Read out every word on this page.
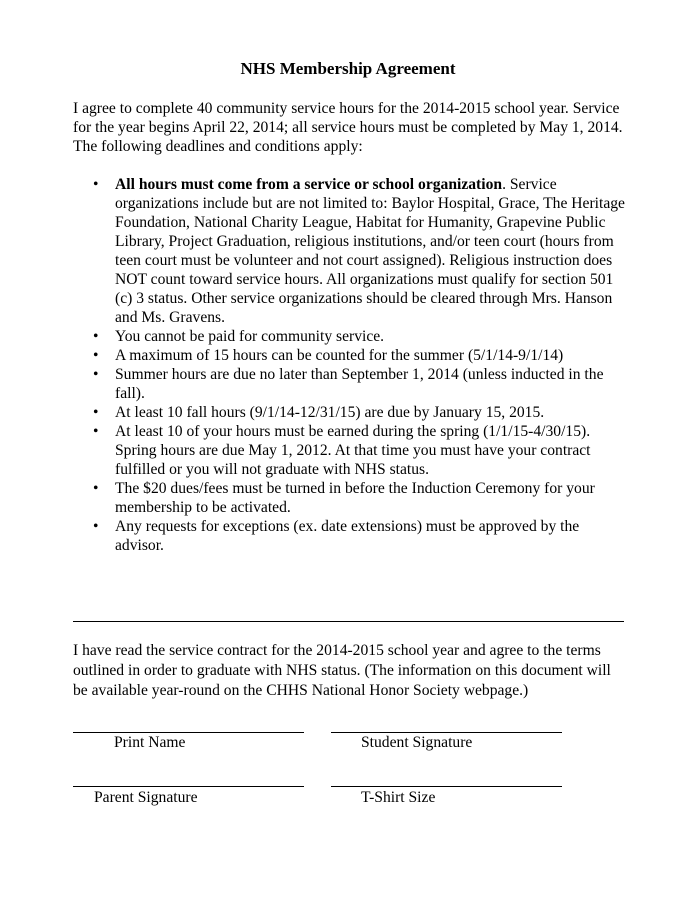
NHS Membership Agreement

I agree to complete 40 community service hours for the 2014-2015 school year. Service for the year begins April 22, 2014; all service hours must be completed by May 1, 2014. The following deadlines and conditions apply:

•	All hours must come from a service or school organization. Service organizations include but are not limited to: Baylor Hospital, Grace, The Heritage Foundation, National Charity League, Habitat for Humanity, Grapevine Public Library, Project Graduation, religious institutions, and/or teen court (hours from teen court must be volunteer and not court assigned). Religious instruction does NOT count toward service hours. All organizations must qualify for section 501 (c) 3 status. Other service organizations should be cleared through Mrs. Hanson and Ms. Gravens.
•	You cannot be paid for community service.
•	A maximum of 15 hours can be counted for the summer (5/1/14-9/1/14)
•	Summer hours are due no later than September 1, 2014 (unless inducted in the fall).
•	At least 10 fall hours (9/1/14-12/31/15) are due by January 15, 2015.
•	At least 10 of your hours must be earned during the spring (1/1/15-4/30/15). Spring hours are due May 1, 2012. At that time you must have your contract fulfilled or you will not graduate with NHS status.
•	The $20 dues/fees must be turned in before the Induction Ceremony for your membership to be activated.
•	Any requests for exceptions (ex. date extensions) must be approved by the advisor.

I have read the service contract for the 2014-2015 school year and agree to the terms outlined in order to graduate with NHS status. (The information on this document will be available year-round on the CHHS National Honor Society webpage.)

Print Name	Student Signature
Parent Signature	T-Shirt Size
